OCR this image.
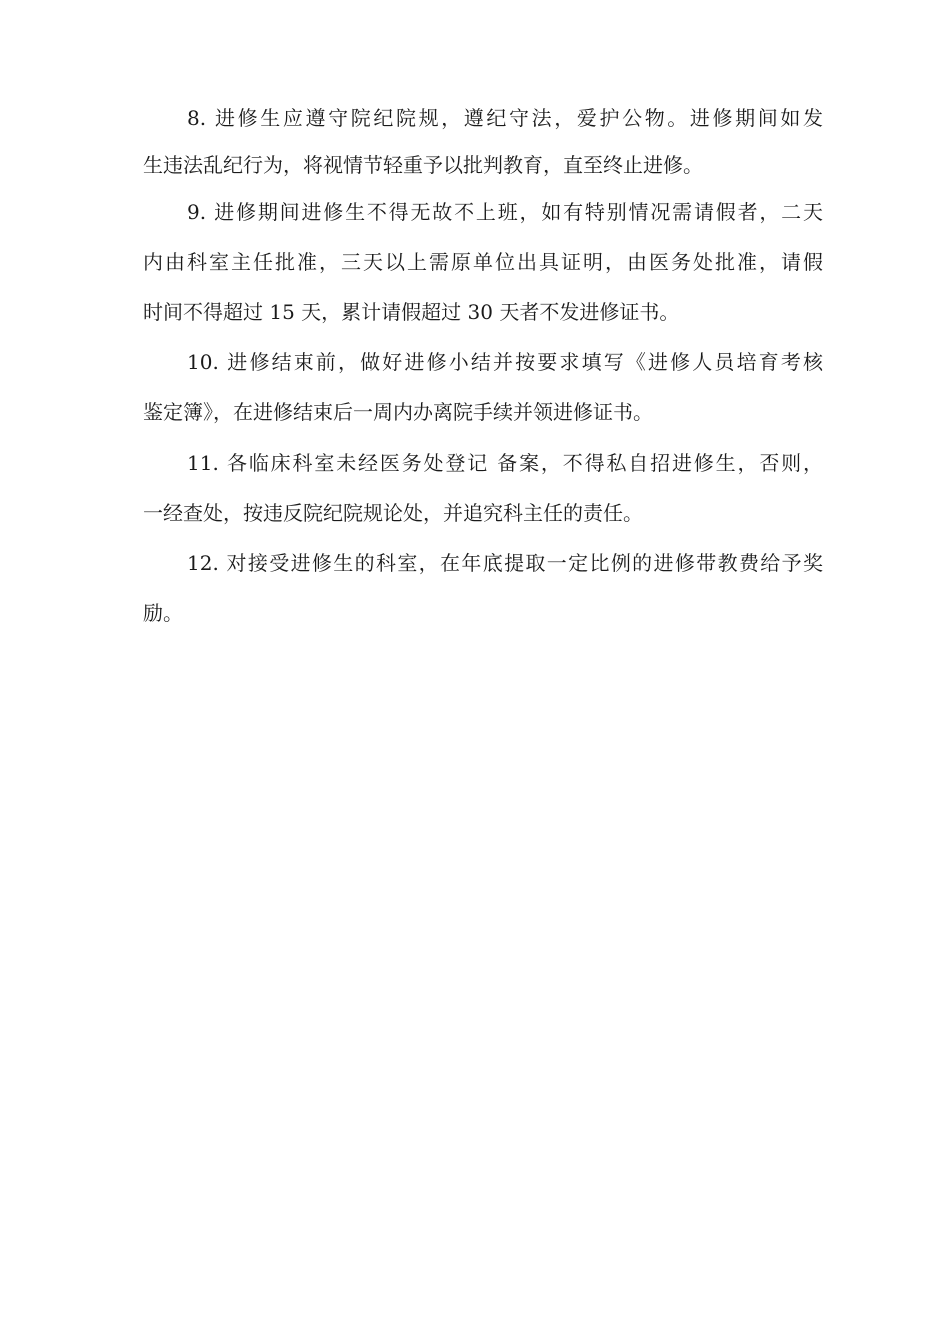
8. 进修生应遵守院纪院规，遵纪守法，爱护公物。进修期间如发
生违法乱纪行为，将视情节轻重予以批判教育，直至终止进修。
9. 进修期间进修生不得无故不上班，如有特别情况需请假者，二天
内由科室主任批准，三天以上需原单位出具证明，由医务处批准，请假
时间不得超过 15 天，累计请假超过 30 天者不发进修证书。
10. 进修结束前，做好进修小结并按要求填写《进修人员培育考核
鉴定簿》，在进修结束后一周内办离院手续并领进修证书。
11. 各临床科室未经医务处登记 备案，不得私自招进修生，否则，
一经查处，按违反院纪院规论处，并追究科主任的责任。
12. 对接受进修生的科室，在年底提取一定比例的进修带教费给予奖
励。
